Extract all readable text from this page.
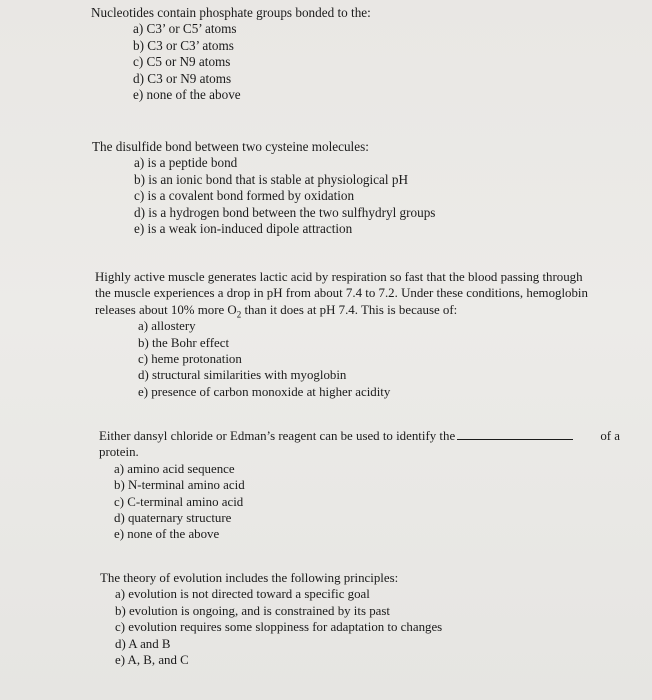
Nucleotides contain phosphate groups bonded to the:
a) C3’ or C5’ atoms
b) C3 or C3’ atoms
c) C5 or N9 atoms
d) C3 or N9 atoms
e) none of the above
The disulfide bond between two cysteine molecules:
a) is a peptide bond
b) is an ionic bond that is stable at physiological pH
c) is a covalent bond formed by oxidation
d) is a hydrogen bond between the two sulfhydryl groups
e) is a weak ion-induced dipole attraction
Highly active muscle generates lactic acid by respiration so fast that the blood passing through
the muscle experiences a drop in pH from about 7.4 to 7.2. Under these conditions, hemoglobin
releases about 10% more $O_2$ than it does at pH 7.4. This is because of:
a) allostery
b) the Bohr effect
c) heme protonation
d) structural similarities with myoglobin
e) presence of carbon monoxide at higher acidity
Either dansyl chloride or Edman’s reagent can be used to identify the	of a
protein.
a) amino acid sequence
b) N-terminal amino acid
c) C-terminal amino acid
d) quaternary structure
e) none of the above
The theory of evolution includes the following principles:
a) evolution is not directed toward a specific goal
b) evolution is ongoing, and is constrained by its past
c) evolution requires some sloppiness for adaptation to changes
d) A and B
e) A, B, and C
